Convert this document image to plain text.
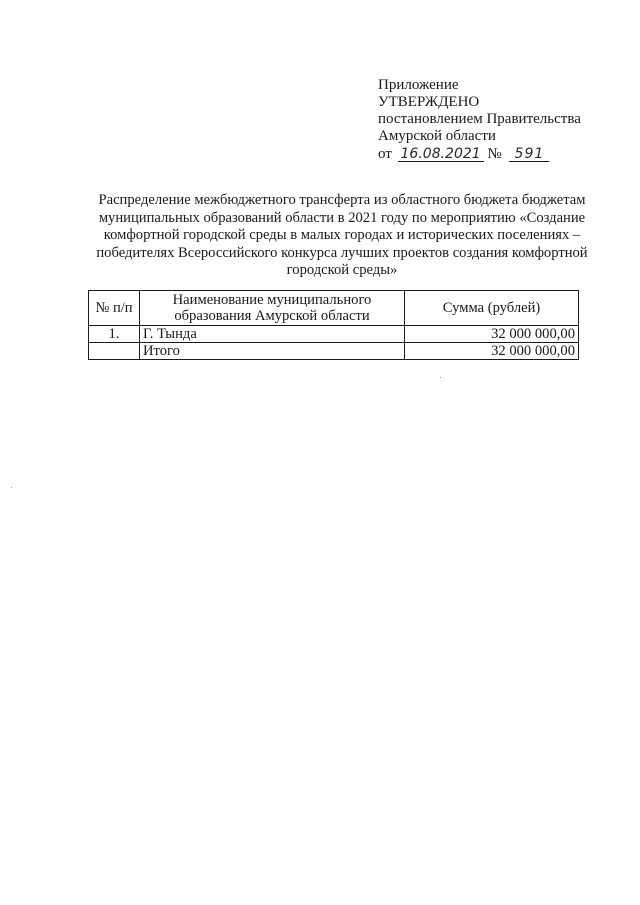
Приложение
УТВЕРЖДЕНО
постановлением Правительства
Амурской области
от 16.08.2021 № 591
Распределение межбюджетного трансферта из областного бюджета бюджетам муниципальных образований области в 2021 году по мероприятию «Создание комфортной городской среды в малых городах и исторических поселениях – победителях Всероссийского конкурса лучших проектов создания комфортной городской среды»
№ п/п	Наименование муниципального образования Амурской области	Сумма (рублей)
1.	Г. Тында	32 000 000,00
	Итого	32 000 000,00
